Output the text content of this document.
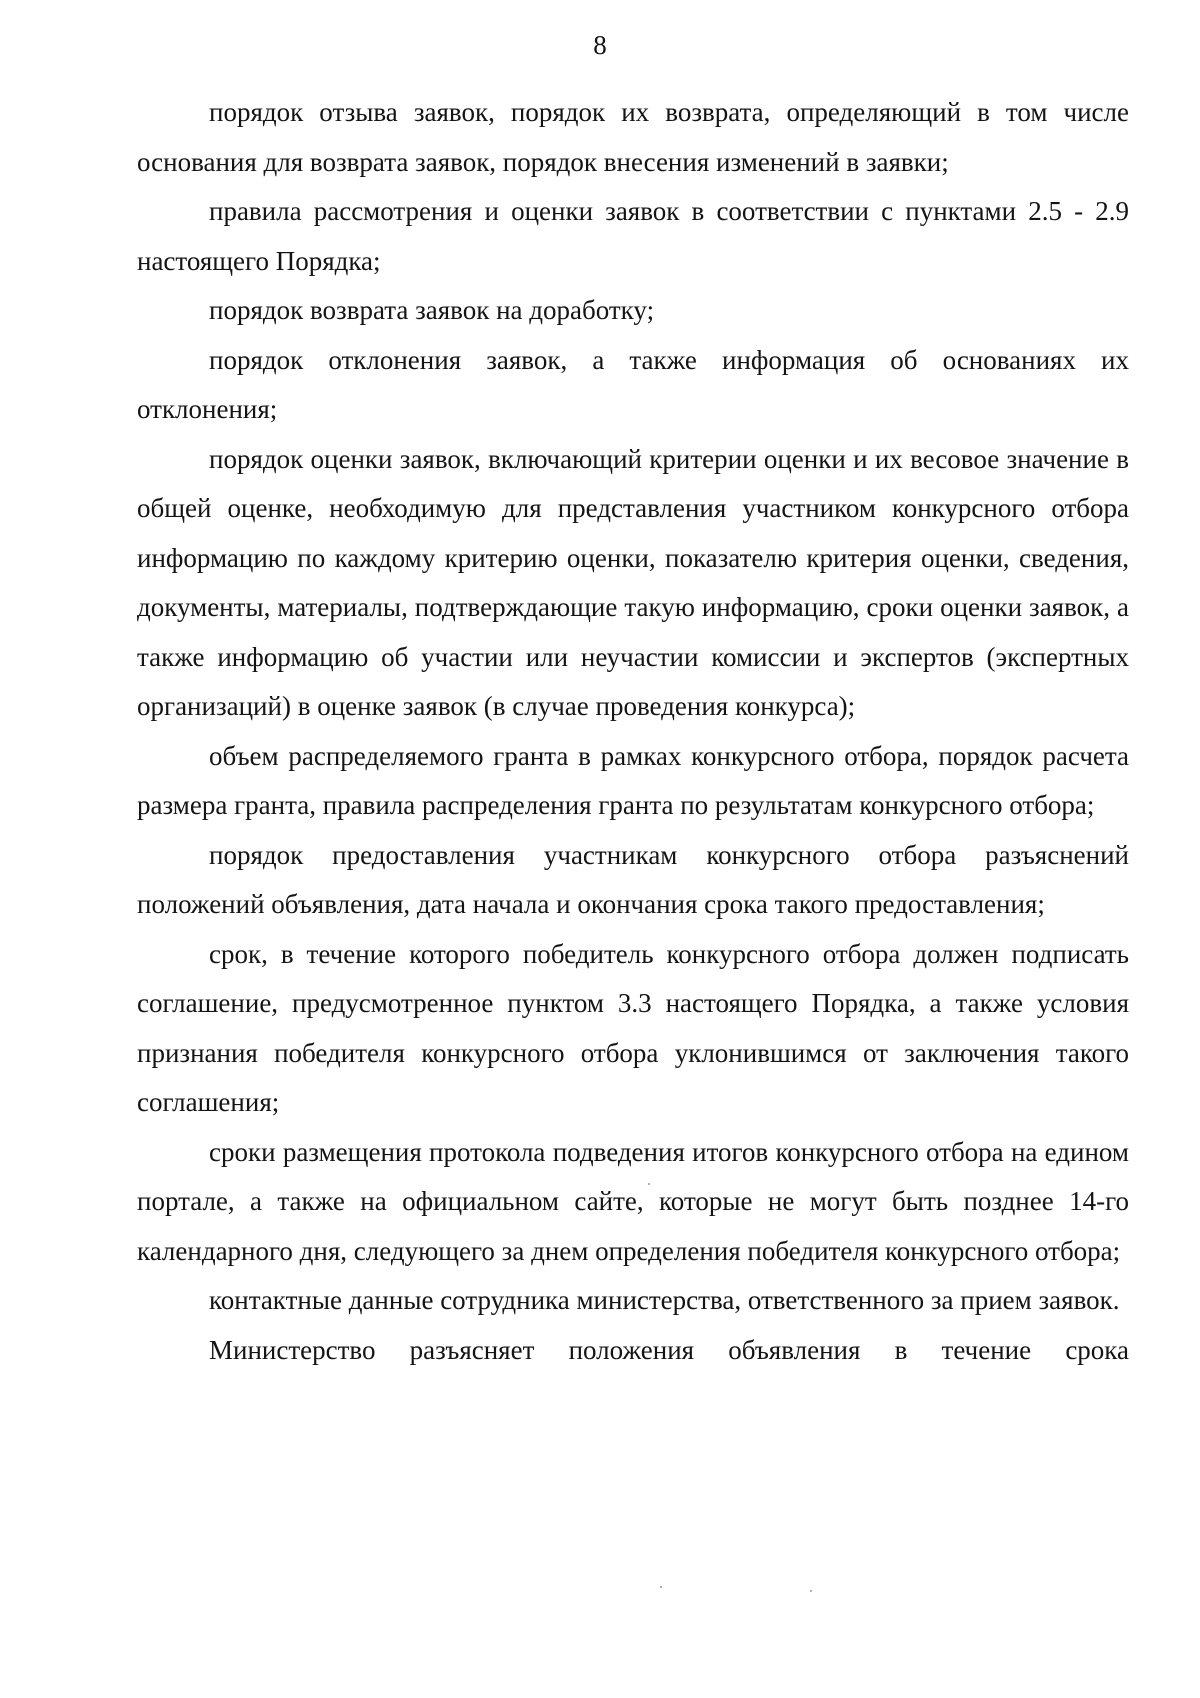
8

порядок отзыва заявок, порядок их возврата, определяющий в том числе основания для возврата заявок, порядок внесения изменений в заявки;

правила рассмотрения и оценки заявок в соответствии с пунктами 2.5 - 2.9 настоящего Порядка;

порядок возврата заявок на доработку;

порядок отклонения заявок, а также информация об основаниях их отклонения;

порядок оценки заявок, включающий критерии оценки и их весовое значение в общей оценке, необходимую для представления участником конкурсного отбора информацию по каждому критерию оценки, показателю критерия оценки, сведения, документы, материалы, подтверждающие такую информацию, сроки оценки заявок, а также информацию об участии или неучастии комиссии и экспертов (экспертных организаций) в оценке заявок (в случае проведения конкурса);

объем распределяемого гранта в рамках конкурсного отбора, порядок расчета размера гранта, правила распределения гранта по результатам конкурсного отбора;

порядок предоставления участникам конкурсного отбора разъяснений положений объявления, дата начала и окончания срока такого предоставления;

срок, в течение которого победитель конкурсного отбора должен подписать соглашение, предусмотренное пунктом 3.3 настоящего Порядка, а также условия признания победителя конкурсного отбора уклонившимся от заключения такого соглашения;

сроки размещения протокола подведения итогов конкурсного отбора на едином портале, а также на официальном сайте, которые не могут быть позднее 14-го календарного дня, следующего за днем определения победителя конкурсного отбора;

контактные данные сотрудника министерства, ответственного за прием заявок.

Министерство разъясняет положения объявления в течение срока
